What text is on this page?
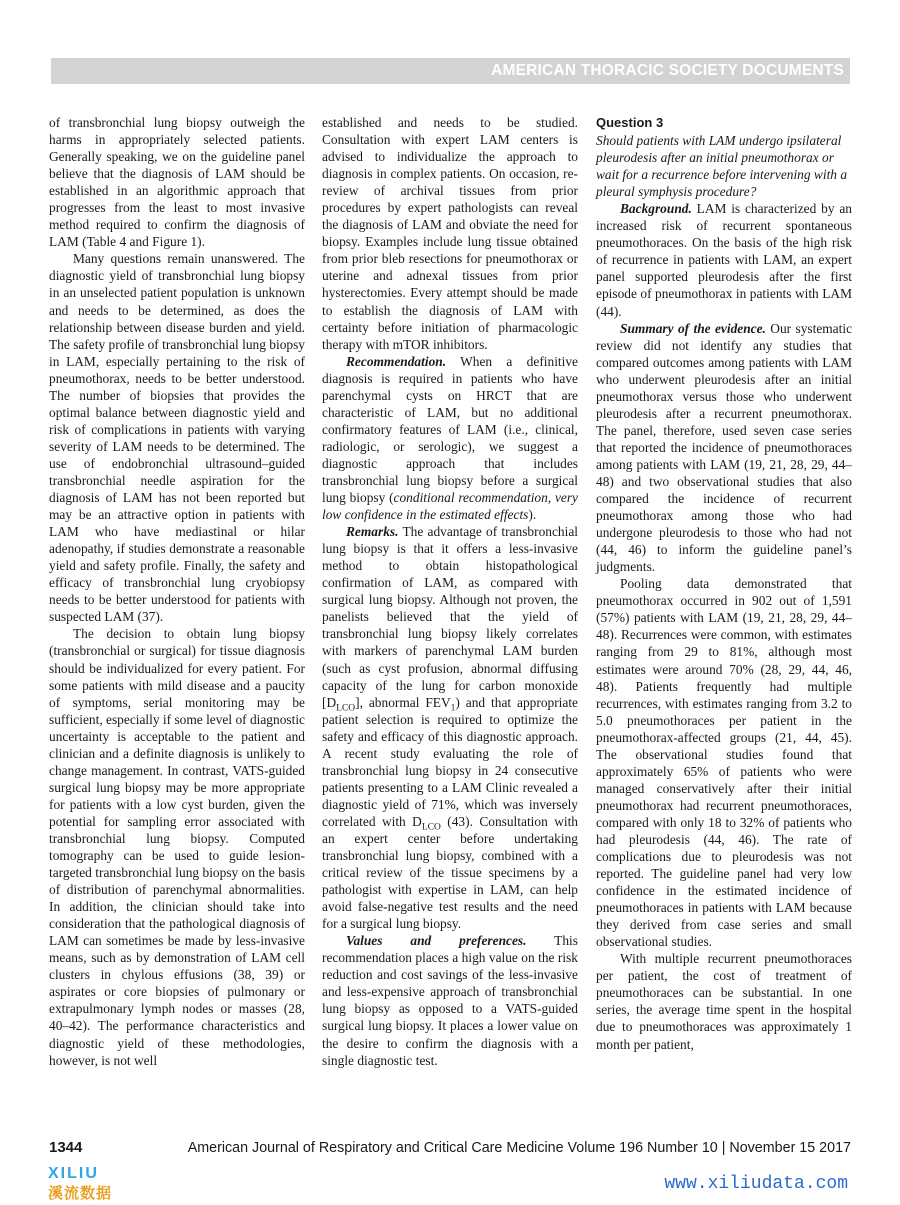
AMERICAN THORACIC SOCIETY DOCUMENTS

of transbronchial lung biopsy outweigh the harms in appropriately selected patients. Generally speaking, we on the guideline panel believe that the diagnosis of LAM should be established in an algorithmic approach that progresses from the least to most invasive method required to confirm the diagnosis of LAM (Table 4 and Figure 1).

Many questions remain unanswered. The diagnostic yield of transbronchial lung biopsy in an unselected patient population is unknown and needs to be determined, as does the relationship between disease burden and yield. The safety profile of transbronchial lung biopsy in LAM, especially pertaining to the risk of pneumothorax, needs to be better understood. The number of biopsies that provides the optimal balance between diagnostic yield and risk of complications in patients with varying severity of LAM needs to be determined. The use of endobronchial ultrasound–guided transbronchial needle aspiration for the diagnosis of LAM has not been reported but may be an attractive option in patients with LAM who have mediastinal or hilar adenopathy, if studies demonstrate a reasonable yield and safety profile. Finally, the safety and efficacy of transbronchial lung cryobiopsy needs to be better understood for patients with suspected LAM (37).

The decision to obtain lung biopsy (transbronchial or surgical) for tissue diagnosis should be individualized for every patient. For some patients with mild disease and a paucity of symptoms, serial monitoring may be sufficient, especially if some level of diagnostic uncertainty is acceptable to the patient and clinician and a definite diagnosis is unlikely to change management. In contrast, VATS-guided surgical lung biopsy may be more appropriate for patients with a low cyst burden, given the potential for sampling error associated with transbronchial lung biopsy. Computed tomography can be used to guide lesion-targeted transbronchial lung biopsy on the basis of distribution of parenchymal abnormalities. In addition, the clinician should take into consideration that the pathological diagnosis of LAM can sometimes be made by less-invasive means, such as by demonstration of LAM cell clusters in chylous effusions (38, 39) or aspirates or core biopsies of pulmonary or extrapulmonary lymph nodes or masses (28, 40–42). The performance characteristics and diagnostic yield of these methodologies, however, is not well

established and needs to be studied. Consultation with expert LAM centers is advised to individualize the approach to diagnosis in complex patients. On occasion, re-review of archival tissues from prior procedures by expert pathologists can reveal the diagnosis of LAM and obviate the need for biopsy. Examples include lung tissue obtained from prior bleb resections for pneumothorax or uterine and adnexal tissues from prior hysterectomies. Every attempt should be made to establish the diagnosis of LAM with certainty before initiation of pharmacologic therapy with mTOR inhibitors.

Recommendation. When a definitive diagnosis is required in patients who have parenchymal cysts on HRCT that are characteristic of LAM, but no additional confirmatory features of LAM (i.e., clinical, radiologic, or serologic), we suggest a diagnostic approach that includes transbronchial lung biopsy before a surgical lung biopsy (conditional recommendation, very low confidence in the estimated effects).

Remarks. The advantage of transbronchial lung biopsy is that it offers a less-invasive method to obtain histopathological confirmation of LAM, as compared with surgical lung biopsy. Although not proven, the panelists believed that the yield of transbronchial lung biopsy likely correlates with markers of parenchymal LAM burden (such as cyst profusion, abnormal diffusing capacity of the lung for carbon monoxide $[D_{LCO}]$, abnormal $FEV_1$) and that appropriate patient selection is required to optimize the safety and efficacy of this diagnostic approach. A recent study evaluating the role of transbronchial lung biopsy in 24 consecutive patients presenting to a LAM Clinic revealed a diagnostic yield of 71%, which was inversely correlated with $D_{LCO}$ (43). Consultation with an expert center before undertaking transbronchial lung biopsy, combined with a critical review of the tissue specimens by a pathologist with expertise in LAM, can help avoid false-negative test results and the need for a surgical lung biopsy.

Values and preferences. This recommendation places a high value on the risk reduction and cost savings of the less-invasive and less-expensive approach of transbronchial lung biopsy as opposed to a VATS-guided surgical lung biopsy. It places a lower value on the desire to confirm the diagnosis with a single diagnostic test.

Question 3

Should patients with LAM undergo ipsilateral pleurodesis after an initial pneumothorax or wait for a recurrence before intervening with a pleural symphysis procedure?

Background. LAM is characterized by an increased risk of recurrent spontaneous pneumothoraces. On the basis of the high risk of recurrence in patients with LAM, an expert panel supported pleurodesis after the first episode of pneumothorax in patients with LAM (44).

Summary of the evidence. Our systematic review did not identify any studies that compared outcomes among patients with LAM who underwent pleurodesis after an initial pneumothorax versus those who underwent pleurodesis after a recurrent pneumothorax. The panel, therefore, used seven case series that reported the incidence of pneumothoraces among patients with LAM (19, 21, 28, 29, 44–48) and two observational studies that also compared the incidence of recurrent pneumothorax among those who had undergone pleurodesis to those who had not (44, 46) to inform the guideline panel’s judgments.

Pooling data demonstrated that pneumothorax occurred in 902 out of 1,591 (57%) patients with LAM (19, 21, 28, 29, 44–48). Recurrences were common, with estimates ranging from 29 to 81%, although most estimates were around 70% (28, 29, 44, 46, 48). Patients frequently had multiple recurrences, with estimates ranging from 3.2 to 5.0 pneumothoraces per patient in the pneumothorax-affected groups (21, 44, 45). The observational studies found that approximately 65% of patients who were managed conservatively after their initial pneumothorax had recurrent pneumothoraces, compared with only 18 to 32% of patients who had pleurodesis (44, 46). The rate of complications due to pleurodesis was not reported. The guideline panel had very low confidence in the estimated incidence of pneumothoraces in patients with LAM because they derived from case series and small observational studies.

With multiple recurrent pneumothoraces per patient, the cost of treatment of pneumothoraces can be substantial. In one series, the average time spent in the hospital due to pneumothoraces was approximately 1 month per patient,

1344	American Journal of Respiratory and Critical Care Medicine Volume 196 Number 10 | November 15 2017
XILIU
溪流数据	www.xiliudata.com
